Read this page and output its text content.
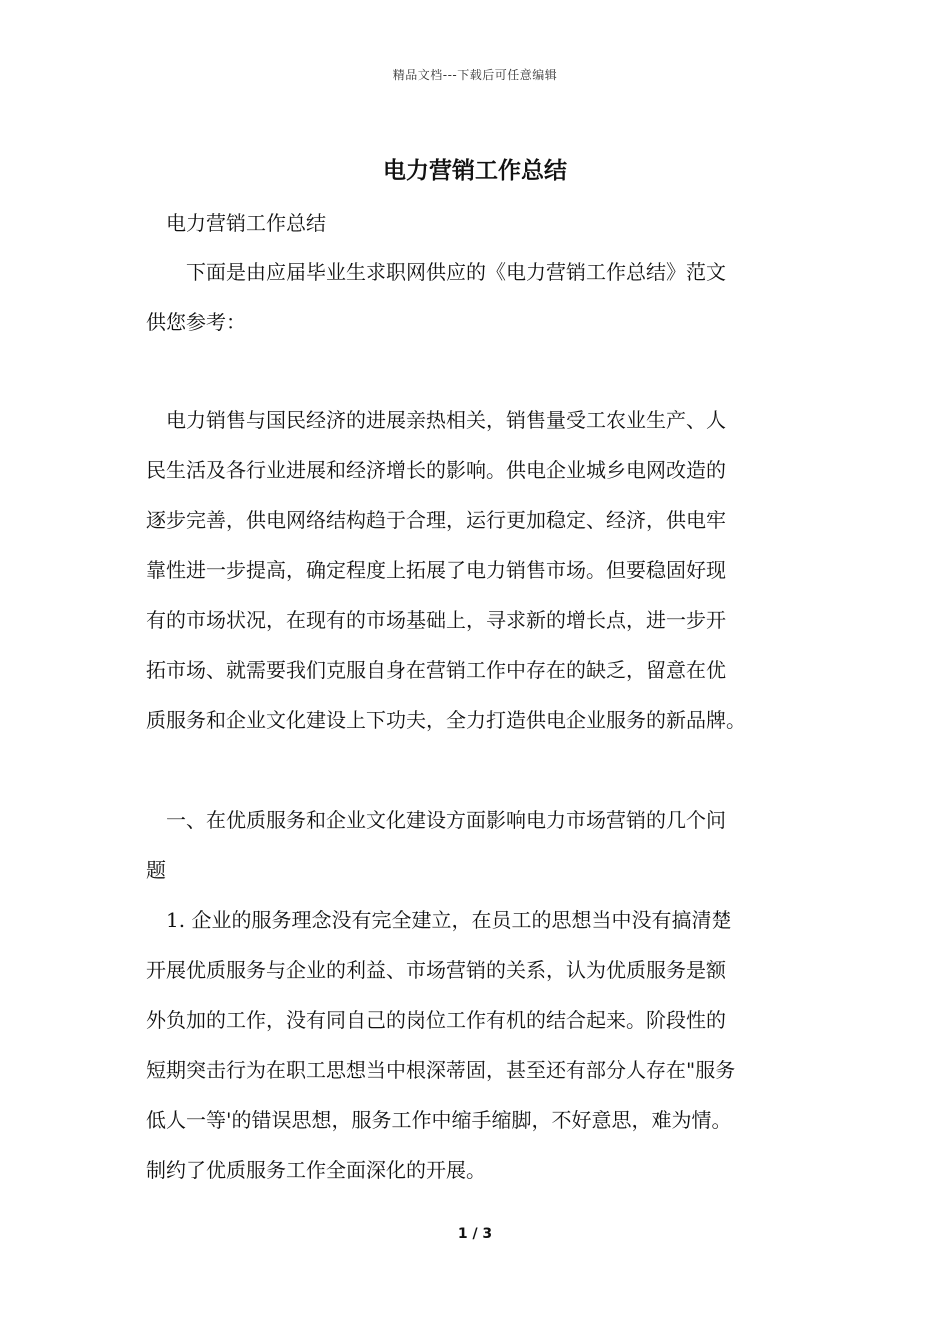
精品文档---下载后可任意编辑
电力营销工作总结
电力营销工作总结
　　下面是由应届毕业生求职网供应的《电力营销工作总结》范文
供您参考：
　电力销售与国民经济的进展亲热相关，销售量受工农业生产、人
民生活及各行业进展和经济增长的影响。供电企业城乡电网改造的
逐步完善，供电网络结构趋于合理，运行更加稳定、经济，供电牢
靠性进一步提高，确定程度上拓展了电力销售市场。但要稳固好现
有的市场状况，在现有的市场基础上，寻求新的增长点，进一步开
拓市场、就需要我们克服自身在营销工作中存在的缺乏，留意在优
质服务和企业文化建设上下功夫，全力打造供电企业服务的新品牌。
　一、在优质服务和企业文化建设方面影响电力市场营销的几个问
题
　1. 企业的服务理念没有完全建立，在员工的思想当中没有搞清楚
开展优质服务与企业的利益、市场营销的关系，认为优质服务是额
外负加的工作，没有同自己的岗位工作有机的结合起来。阶段性的
短期突击行为在职工思想当中根深蒂固，甚至还有部分人存在"服务
低人一等'的错误思想，服务工作中缩手缩脚，不好意思，难为情。
制约了优质服务工作全面深化的开展。
1 / 3
